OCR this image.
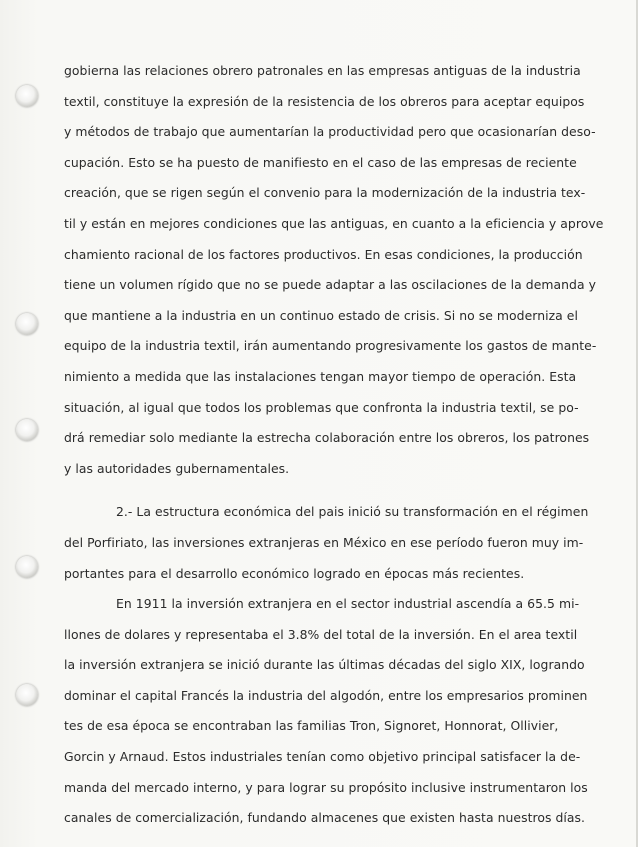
gobierna las relaciones obrero patronales en las empresas antiguas de la industria
textil, constituye la expresión de la resistencia de los obreros para aceptar equipos
y métodos de trabajo que aumentarían la productividad pero que ocasionarían deso-
cupación. Esto se ha puesto de manifiesto en el caso de las empresas de reciente
creación, que se rigen según el convenio para la modernización de la industria tex-
til y están en mejores condiciones que las antiguas, en cuanto a la eficiencia y aprove
chamiento racional de los factores productivos. En esas condiciones, la producción
tiene un volumen rígido que no se puede adaptar a las oscilaciones de la demanda y
que mantiene a la industria en un continuo estado de crisis. Si no se moderniza el
equipo de la industria textil, irán aumentando progresivamente los gastos de mante-
nimiento a medida que las instalaciones tengan mayor tiempo de operación. Esta
situación, al igual que todos los problemas que confronta la industria textil, se po-
drá remediar solo mediante la estrecha colaboración entre los obreros, los patrones
y las autoridades gubernamentales.
2.- La estructura económica del pais inició su transformación en el régimen
del Porfiriato, las inversiones extranjeras en México en ese período fueron muy im-
portantes para el desarrollo económico logrado en épocas más recientes.
En 1911 la inversión extranjera en el sector industrial ascendía a 65.5 mi-
llones de dolares y representaba el 3.8% del total de la inversión. En el area textil
la inversión extranjera se inició durante las últimas décadas del siglo XIX, logrando
dominar el capital Francés la industria del algodón, entre los empresarios prominen
tes de esa época se encontraban las familias Tron, Signoret, Honnorat, Ollivier,
Gorcin y Arnaud. Estos industriales tenían como objetivo principal satisfacer la de-
manda del mercado interno, y para lograr su propósito inclusive instrumentaron los
canales de comercialización, fundando almacenes que existen hasta nuestros días.
